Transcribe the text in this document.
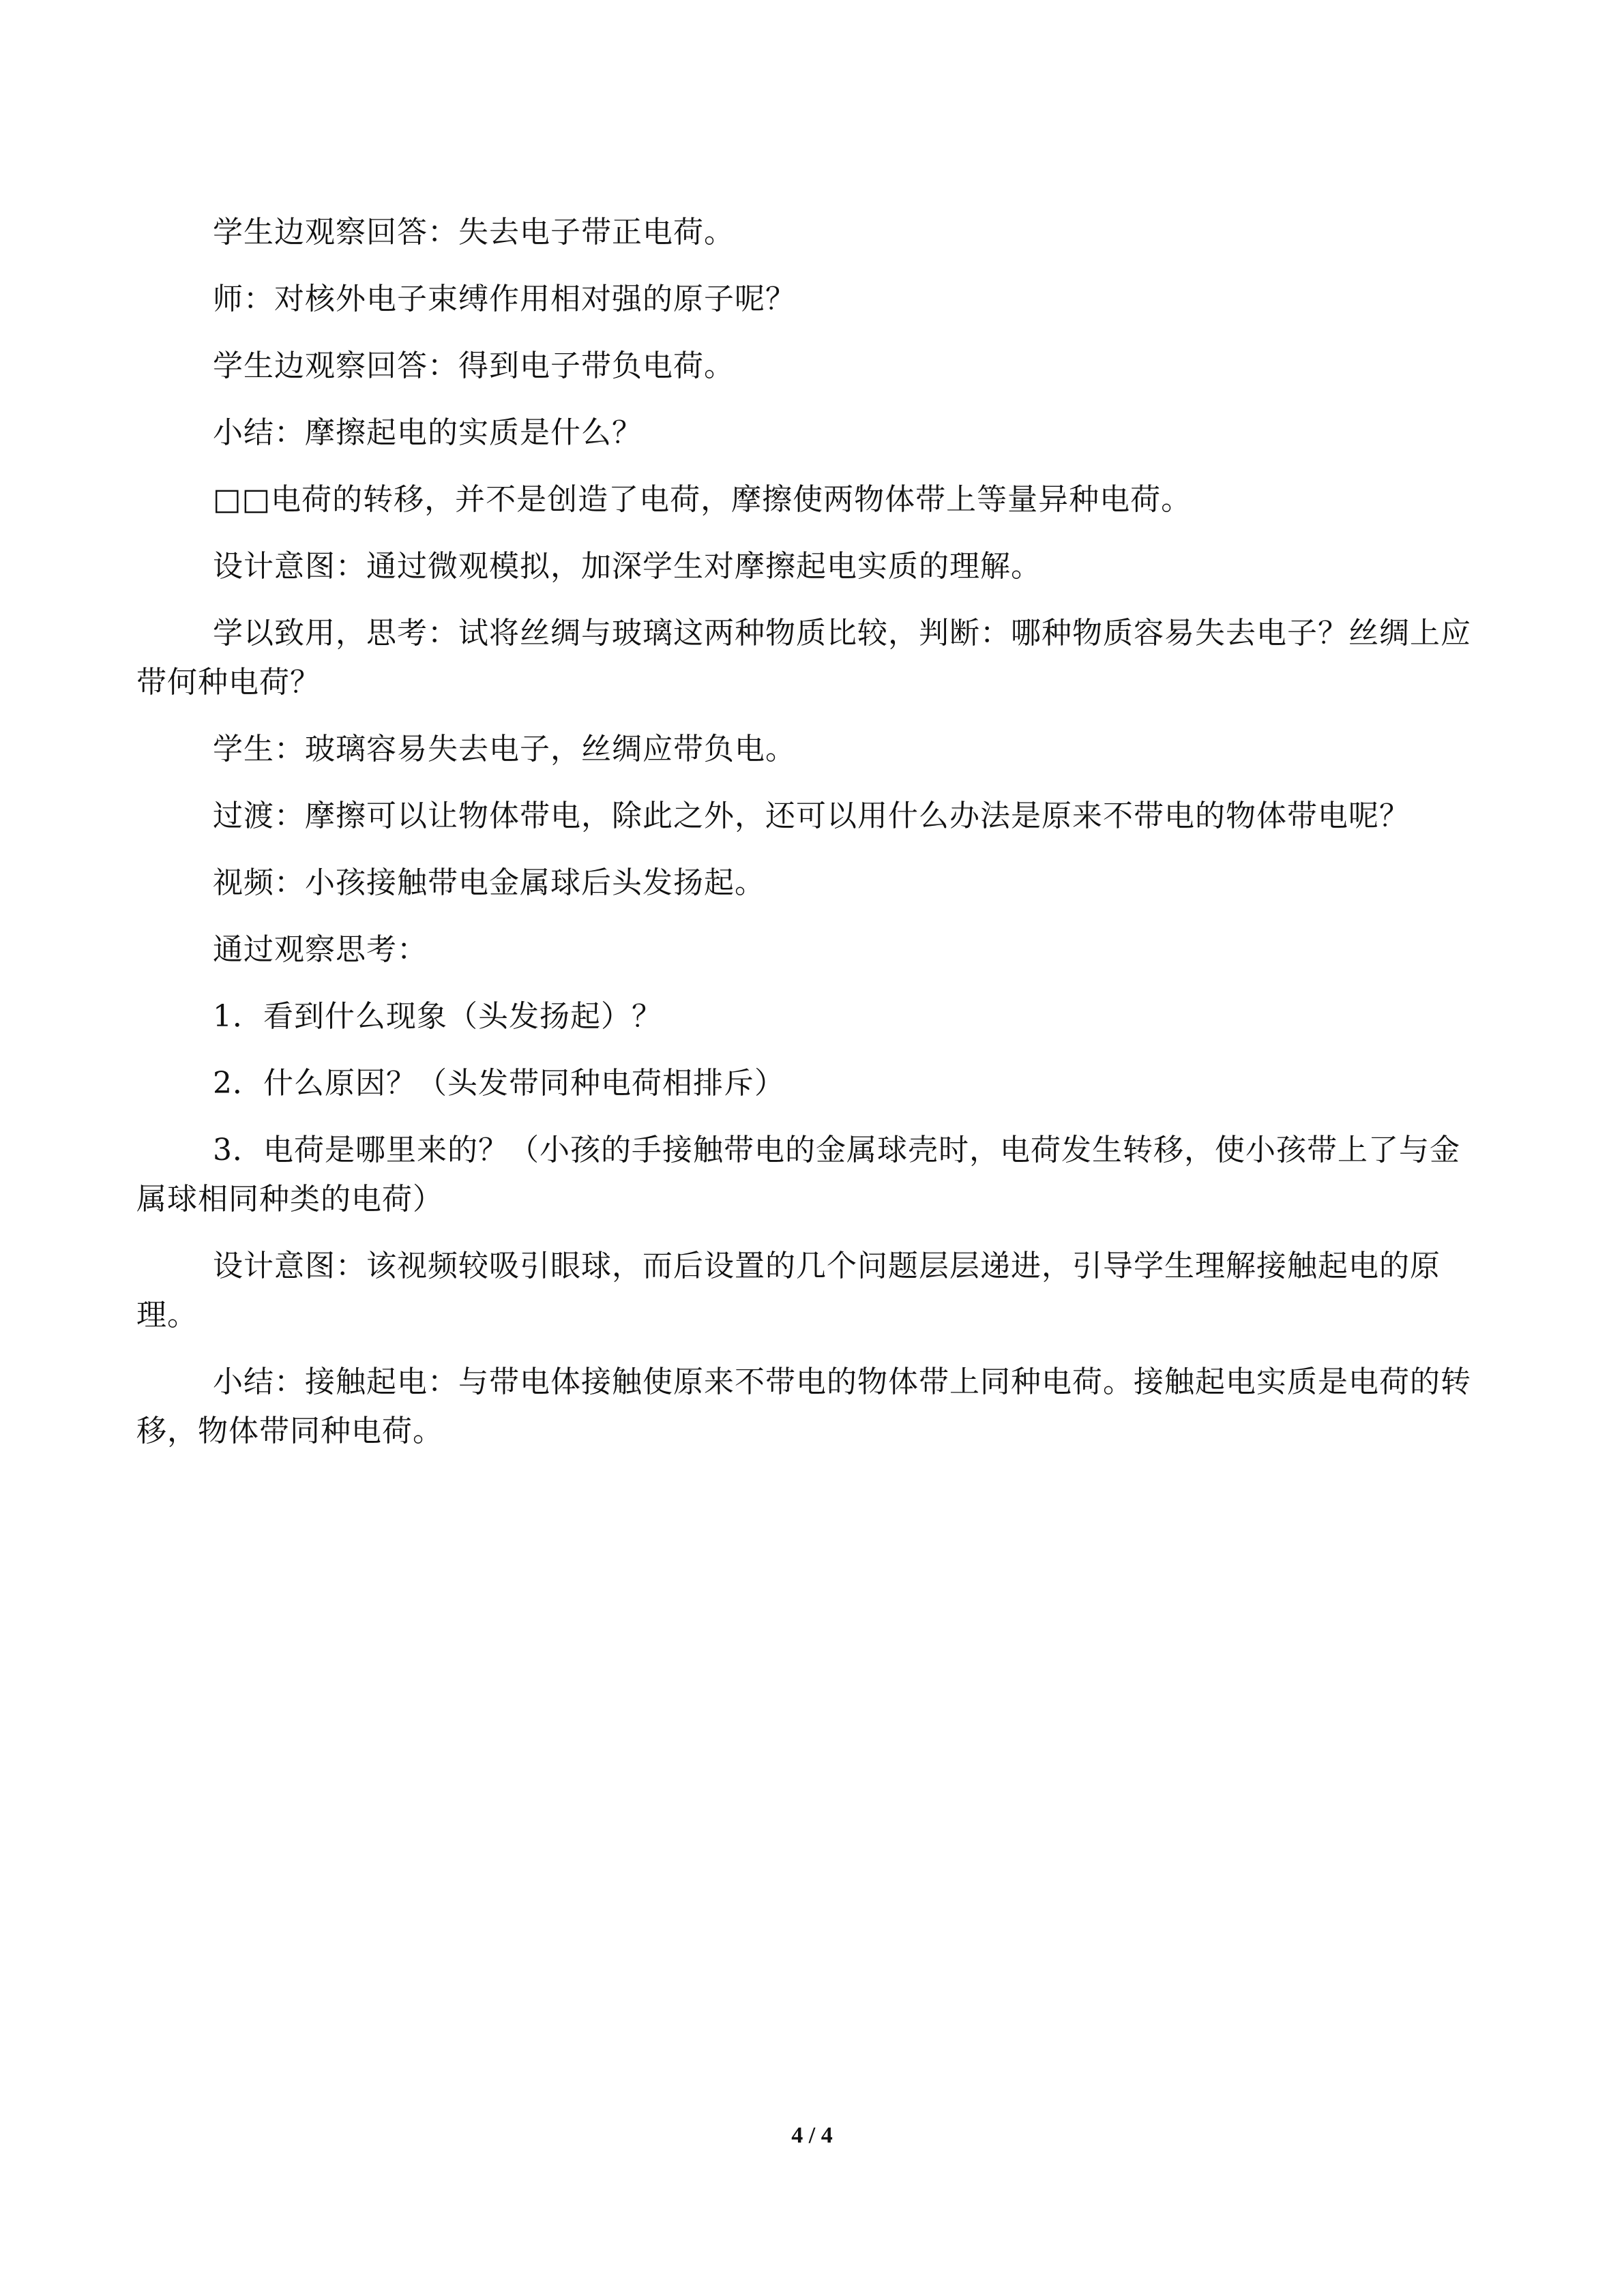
学生边观察回答：失去电子带正电荷。

师：对核外电子束缚作用相对强的原子呢？

学生边观察回答：得到电子带负电荷。

小结：摩擦起电的实质是什么？

□□电荷的转移，并不是创造了电荷，摩擦使两物体带上等量异种电荷。

设计意图：通过微观模拟，加深学生对摩擦起电实质的理解。

学以致用，思考：试将丝绸与玻璃这两种物质比较，判断：哪种物质容易失去电子？丝绸上应带何种电荷？

学生：玻璃容易失去电子，丝绸应带负电。

过渡：摩擦可以让物体带电，除此之外，还可以用什么办法是原来不带电的物体带电呢？

视频：小孩接触带电金属球后头发扬起。

通过观察思考：

1．看到什么现象（头发扬起）？

2．什么原因？（头发带同种电荷相排斥）

3．电荷是哪里来的？（小孩的手接触带电的金属球壳时，电荷发生转移，使小孩带上了与金属球相同种类的电荷）

设计意图：该视频较吸引眼球，而后设置的几个问题层层递进，引导学生理解接触起电的原理。

小结：接触起电：与带电体接触使原来不带电的物体带上同种电荷。接触起电实质是电荷的转移，物体带同种电荷。

4 / 4
